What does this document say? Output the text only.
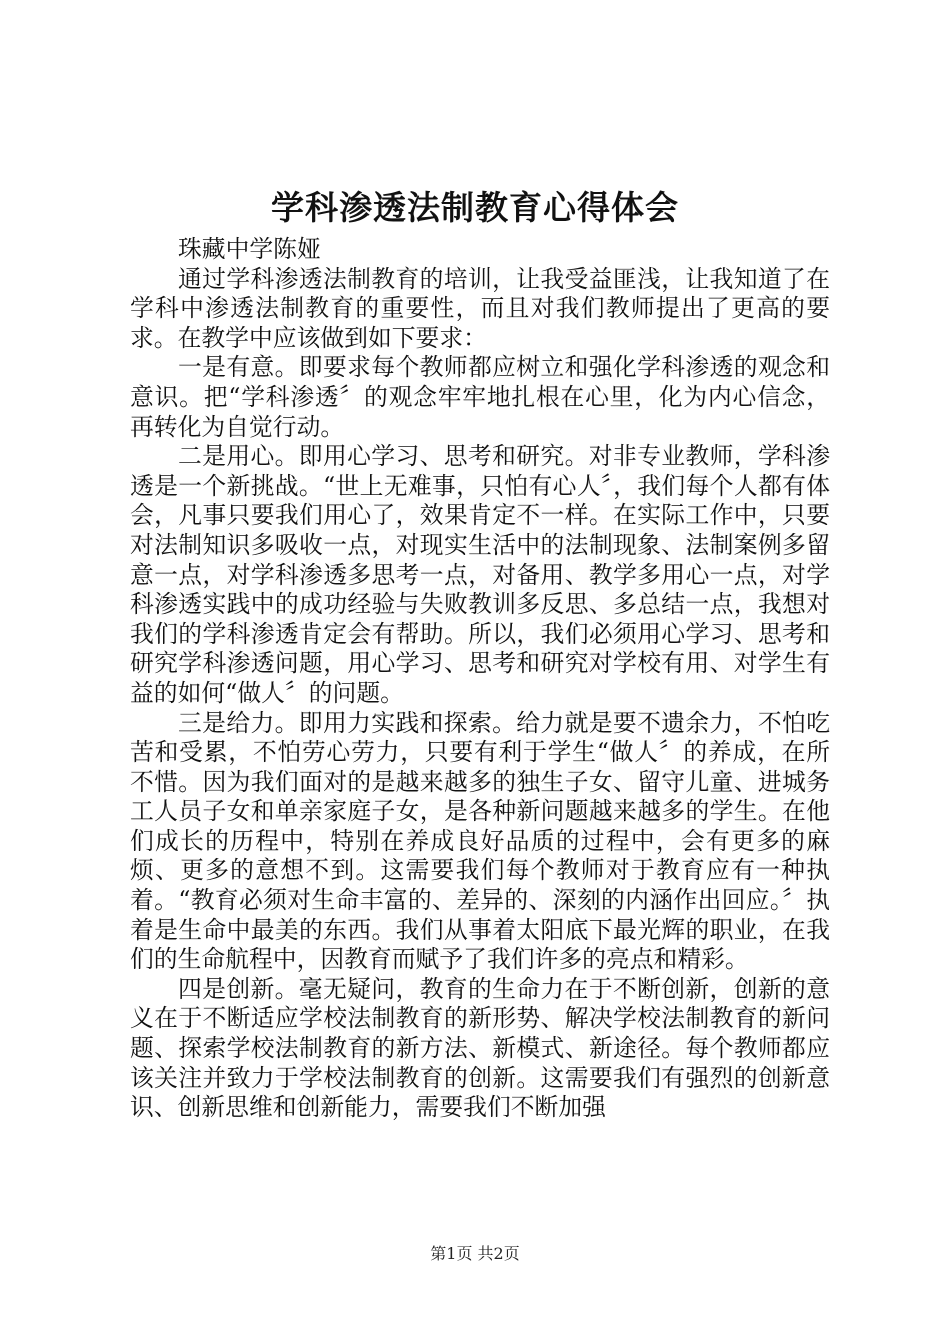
学科渗透法制教育心得体会

珠藏中学陈娅

通过学科渗透法制教育的培训，让我受益匪浅，让我知道了在学科中渗透法制教育的重要性，而且对我们教师提出了更高的要求。在教学中应该做到如下要求：

一是有意。即要求每个教师都应树立和强化学科渗透的观念和意识。把“学科渗透〞的观念牢牢地扎根在心里，化为内心信念，再转化为自觉行动。

二是用心。即用心学习、思考和研究。对非专业教师，学科渗透是一个新挑战。“世上无难事，只怕有心人〞，我们每个人都有体会，凡事只要我们用心了，效果肯定不一样。在实际工作中，只要对法制知识多吸收一点，对现实生活中的法制现象、法制案例多留意一点，对学科渗透多思考一点，对备用、教学多用心一点，对学科渗透实践中的成功经验与失败教训多反思、多总结一点，我想对我们的学科渗透肯定会有帮助。所以，我们必须用心学习、思考和研究学科渗透问题，用心学习、思考和研究对学校有用、对学生有益的如何“做人〞的问题。

三是给力。即用力实践和探索。给力就是要不遗余力，不怕吃苦和受累，不怕劳心劳力，只要有利于学生“做人〞的养成，在所不惜。因为我们面对的是越来越多的独生子女、留守儿童、进城务工人员子女和单亲家庭子女，是各种新问题越来越多的学生。在他们成长的历程中，特别在养成良好品质的过程中，会有更多的麻烦、更多的意想不到。这需要我们每个教师对于教育应有一种执着。“教育必须对生命丰富的、差异的、深刻的内涵作出回应。〞执着是生命中最美的东西。我们从事着太阳底下最光辉的职业，在我们的生命航程中，因教育而赋予了我们许多的亮点和精彩。

四是创新。毫无疑问，教育的生命力在于不断创新，创新的意义在于不断适应学校法制教育的新形势、解决学校法制教育的新问题、探索学校法制教育的新方法、新模式、新途径。每个教师都应该关注并致力于学校法制教育的创新。这需要我们有强烈的创新意识、创新思维和创新能力，需要我们不断加强

第1页 共2页
